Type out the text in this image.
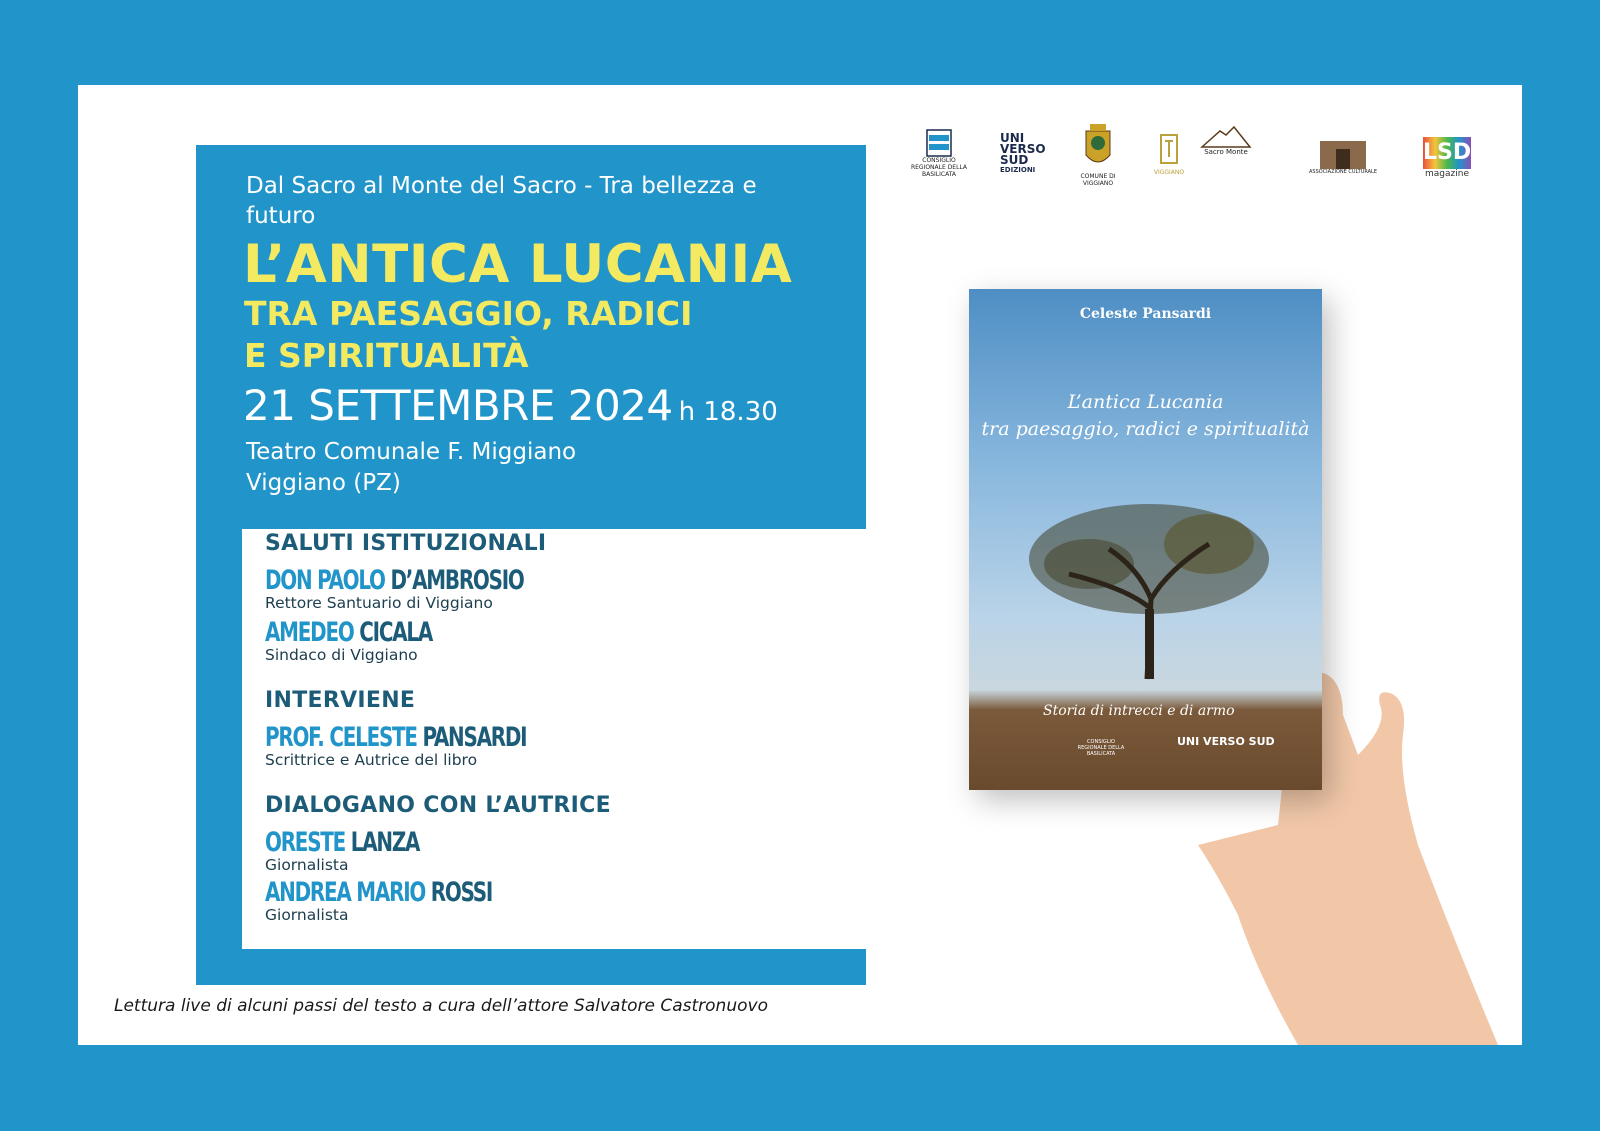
CONSIGLIO REGIONALE DELLA BASILICATA
UNI
VERSO
SUD
EDIZIONI
COMUNE DI VIGGIANO
VIGGIANO
Sacro Monte
ASSOCIAZIONE CULTURALE
LSD
magazine
Dal Sacro al Monte del Sacro - Tra bellezza e futuro
L’ANTICA LUCANIA
TRA PAESAGGIO, RADICI
E SPIRITUALITÀ
21 SETTEMBRE 2024 h 18.30
Teatro Comunale F. Miggiano
Viggiano (PZ)
SALUTI ISTITUZIONALI
DON PAOLO D’AMBROSIO
Rettore Santuario di Viggiano
AMEDEO CICALA
Sindaco di Viggiano
INTERVIENE
PROF. CELESTE PANSARDI
Scrittrice e Autrice del libro
DIALOGANO CON L’AUTRICE
ORESTE LANZA
Giornalista
ANDREA MARIO ROSSI
Giornalista
Lettura live di alcuni passi del testo a cura dell’attore Salvatore Castronuovo
Celeste Pansardi
L’antica Lucania
tra paesaggio, radici e spiritualità
Storia di intrecci e di armo
CONSIGLIO REGIONALE DELLA BASILICATA
UNI VERSO SUD
